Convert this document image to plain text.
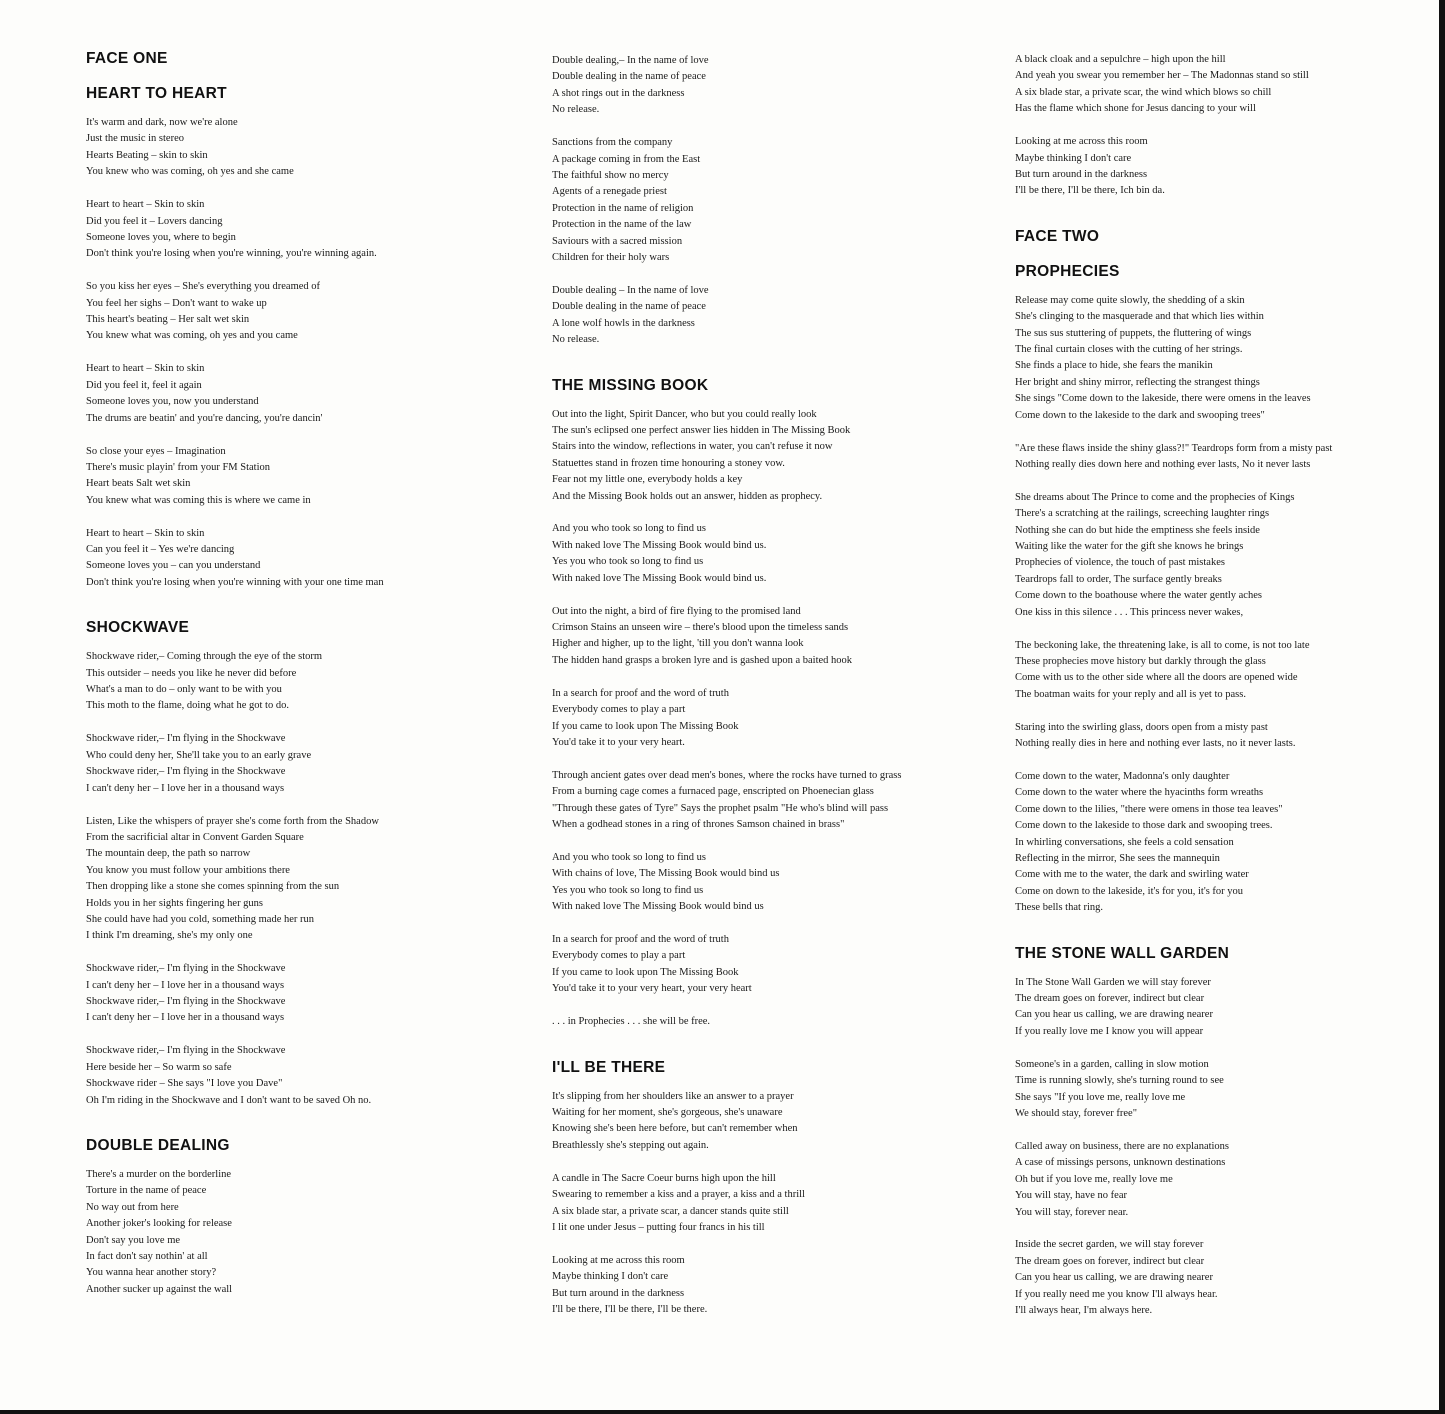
FACE ONE
HEART TO HEART
It's warm and dark, now we're alone
Just the music in stereo
Hearts Beating – skin to skin
You knew who was coming, oh yes and she came
Heart to heart – Skin to skin
Did you feel it – Lovers dancing
Someone loves you, where to begin
Don't think you're losing when you're winning, you're winning again.
So you kiss her eyes – She's everything you dreamed of
You feel her sighs – Don't want to wake up
This heart's beating – Her salt wet skin
You knew what was coming, oh yes and you came
Heart to heart – Skin to skin
Did you feel it, feel it again
Someone loves you, now you understand
The drums are beatin' and you're dancing, you're dancin'
So close your eyes – Imagination
There's music playin' from your FM Station
Heart beats Salt wet skin
You knew what was coming this is where we came in
Heart to heart – Skin to skin
Can you feel it – Yes we're dancing
Someone loves you – can you understand
Don't think you're losing when you're winning with your one time man
SHOCKWAVE
Shockwave rider,– Coming through the eye of the storm
This outsider – needs you like he never did before
What's a man to do – only want to be with you
This moth to the flame, doing what he got to do.
Shockwave rider,– I'm flying in the Shockwave
Who could deny her, She'll take you to an early grave
Shockwave rider,– I'm flying in the Shockwave
I can't deny her – I love her in a thousand ways
Listen, Like the whispers of prayer she's come forth from the Shadow
From the sacrificial altar in Convent Garden Square
The mountain deep, the path so narrow
You know you must follow your ambitions there
Then dropping like a stone she comes spinning from the sun
Holds you in her sights fingering her guns
She could have had you cold, something made her run
I think I'm dreaming, she's my only one
Shockwave rider,– I'm flying in the Shockwave
I can't deny her – I love her in a thousand ways
Shockwave rider,– I'm flying in the Shockwave
I can't deny her – I love her in a thousand ways
Shockwave rider,– I'm flying in the Shockwave
Here beside her – So warm so safe
Shockwave rider – She says "I love you Dave"
Oh I'm riding in the Shockwave and I don't want to be saved Oh no.
DOUBLE DEALING
There's a murder on the borderline
Torture in the name of peace
No way out from here
Another joker's looking for release
Don't say you love me
In fact don't say nothin' at all
You wanna hear another story?
Another sucker up against the wall
Double dealing,– In the name of love
Double dealing in the name of peace
A shot rings out in the darkness
No release.
Sanctions from the company
A package coming in from the East
The faithful show no mercy
Agents of a renegade priest
Protection in the name of religion
Protection in the name of the law
Saviours with a sacred mission
Children for their holy wars
Double dealing – In the name of love
Double dealing in the name of peace
A lone wolf howls in the darkness
No release.
THE MISSING BOOK
Out into the light, Spirit Dancer, who but you could really look
The sun's eclipsed one perfect answer lies hidden in The Missing Book
Stairs into the window, reflections in water, you can't refuse it now
Statuettes stand in frozen time honouring a stoney vow.
Fear not my little one, everybody holds a key
And the Missing Book holds out an answer, hidden as prophecy.
And you who took so long to find us
With naked love The Missing Book would bind us.
Yes you who took so long to find us
With naked love The Missing Book would bind us.
Out into the night, a bird of fire flying to the promised land
Crimson Stains an unseen wire – there's blood upon the timeless sands
Higher and higher, up to the light, 'till you don't wanna look
The hidden hand grasps a broken lyre and is gashed upon a baited hook
In a search for proof and the word of truth
Everybody comes to play a part
If you came to look upon The Missing Book
You'd take it to your very heart.
Through ancient gates over dead men's bones, where the rocks have turned to grass
From a burning cage comes a furnaced page, enscripted on Phoenecian glass
"Through these gates of Tyre" Says the prophet psalm "He who's blind will pass
When a godhead stones in a ring of thrones Samson chained in brass"
And you who took so long to find us
With chains of love, The Missing Book would bind us
Yes you who took so long to find us
With naked love The Missing Book would bind us
In a search for proof and the word of truth
Everybody comes to play a part
If you came to look upon The Missing Book
You'd take it to your very heart, your very heart
. . . in Prophecies . . . she will be free.
I'LL BE THERE
It's slipping from her shoulders like an answer to a prayer
Waiting for her moment, she's gorgeous, she's unaware
Knowing she's been here before, but can't remember when
Breathlessly she's stepping out again.
A candle in The Sacre Coeur burns high upon the hill
Swearing to remember a kiss and a prayer, a kiss and a thrill
A six blade star, a private scar, a dancer stands quite still
I lit one under Jesus – putting four francs in his till
Looking at me across this room
Maybe thinking I don't care
But turn around in the darkness
I'll be there, I'll be there, I'll be there.
A black cloak and a sepulchre – high upon the hill
And yeah you swear you remember her – The Madonnas stand so still
A six blade star, a private scar, the wind which blows so chill
Has the flame which shone for Jesus dancing to your will
Looking at me across this room
Maybe thinking I don't care
But turn around in the darkness
I'll be there, I'll be there, Ich bin da.
FACE TWO
PROPHECIES
Release may come quite slowly, the shedding of a skin
She's clinging to the masquerade and that which lies within
The sus sus stuttering of puppets, the fluttering of wings
The final curtain closes with the cutting of her strings.
She finds a place to hide, she fears the manikin
Her bright and shiny mirror, reflecting the strangest things
She sings "Come down to the lakeside, there were omens in the leaves
Come down to the lakeside to the dark and swooping trees"
"Are these flaws inside the shiny glass?!" Teardrops form from a misty past
Nothing really dies down here and nothing ever lasts, No it never lasts
She dreams about The Prince to come and the prophecies of Kings
There's a scratching at the railings, screeching laughter rings
Nothing she can do but hide the emptiness she feels inside
Waiting like the water for the gift she knows he brings
Prophecies of violence, the touch of past mistakes
Teardrops fall to order, The surface gently breaks
Come down to the boathouse where the water gently aches
One kiss in this silence . . . This princess never wakes,
The beckoning lake, the threatening lake, is all to come, is not too late
These prophecies move history but darkly through the glass
Come with us to the other side where all the doors are opened wide
The boatman waits for your reply and all is yet to pass.
Staring into the swirling glass, doors open from a misty past
Nothing really dies in here and nothing ever lasts, no it never lasts.
Come down to the water, Madonna's only daughter
Come down to the water where the hyacinths form wreaths
Come down to the lilies, "there were omens in those tea leaves"
Come down to the lakeside to those dark and swooping trees.
In whirling conversations, she feels a cold sensation
Reflecting in the mirror, She sees the mannequin
Come with me to the water, the dark and swirling water
Come on down to the lakeside, it's for you, it's for you
These bells that ring.
THE STONE WALL GARDEN
In The Stone Wall Garden we will stay forever
The dream goes on forever, indirect but clear
Can you hear us calling, we are drawing nearer
If you really love me I know you will appear
Someone's in a garden, calling in slow motion
Time is running slowly, she's turning round to see
She says "If you love me, really love me
We should stay, forever free"
Called away on business, there are no explanations
A case of missings persons, unknown destinations
Oh but if you love me, really love me
You will stay, have no fear
You will stay, forever near.
Inside the secret garden, we will stay forever
The dream goes on forever, indirect but clear
Can you hear us calling, we are drawing nearer
If you really need me you know I'll always hear.
I'll always hear, I'm always here.
